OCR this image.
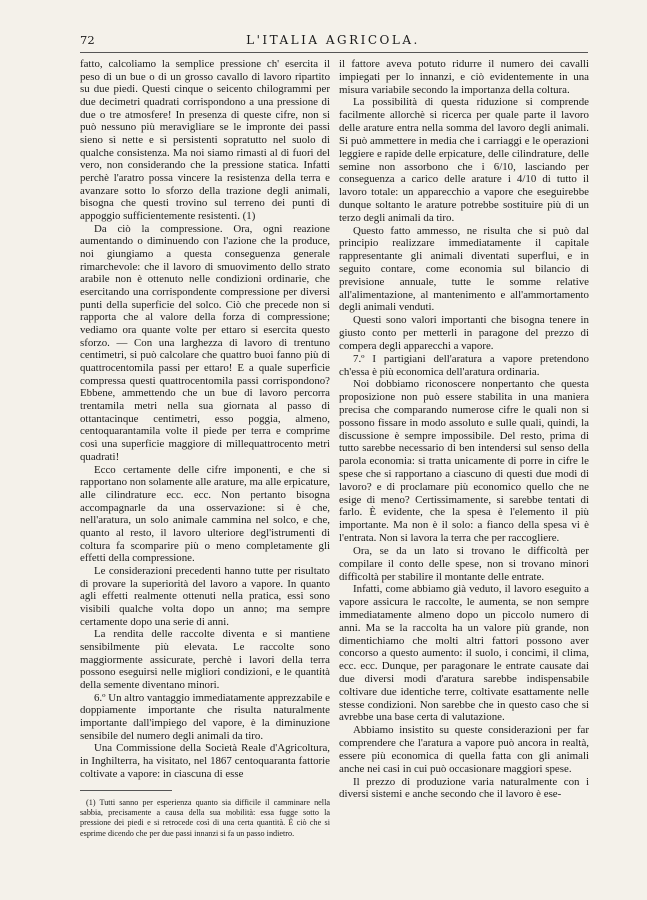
72	L'ITALIA AGRICOLA.

fatto, calcoliamo la semplice pressione ch' esercita il peso di un bue o di un grosso cavallo di lavoro ripartito su due piedi. Questi cinque o seicento chilogrammi per due decimetri quadrati corrispondono a una pressione di due o tre atmosfere! In presenza di queste cifre, non si può nessuno più meravigliare se le impronte dei passi sieno sì nette e sì persistenti sopratutto nel suolo di qualche consistenza. Ma noi siamo rimasti al di fuori del vero, non considerando che la pressione statica. Infatti perchè l'aratro possa vincere la resistenza della terra e avanzare sotto lo sforzo della trazione degli animali, bisogna che questi trovino sul terreno dei punti di appoggio sufficientemente resistenti. (1)

Da ciò la compressione. Ora, ogni reazione aumentando o diminuendo con l'azione che la produce, noi giungiamo a questa conseguenza generale rimarchevole: che il lavoro di smuovimento dello strato arabile non è ottenuto nelle condizioni ordinarie, che esercitando una corrispondente compressione per diversi punti della superficie del solco. Ciò che precede non si rapporta che al valore della forza di compressione; vediamo ora quante volte per ettaro si esercita questo sforzo. — Con una larghezza di lavoro di trentuno centimetri, si può calcolare che quattro buoi fanno più di quattrocentomila passi per ettaro! E a quale superficie compressa questi quattrocentomila passi corrispondono? Ebbene, ammettendo che un bue di lavoro percorra trentamila metri nella sua giornata al passo di ottantacinque centimetri, esso poggia, almeno, centoquarantamila volte il piede per terra e comprime così una superficie maggiore di millequattrocento metri quadrati!

Ecco certamente delle cifre imponenti, e che si rapportano non solamente alle arature, ma alle erpicature, alle cilindrature ecc. ecc. Non pertanto bisogna accompagnarle da una osservazione: si è che, nell'aratura, un solo animale cammina nel solco, e che, quanto al resto, il lavoro ulteriore degl'istrumenti di coltura fa scomparire più o meno completamente gli effetti della compressione.

Le considerazioni precedenti hanno tutte per risultato di provare la superiorità del lavoro a vapore. In quanto agli effetti realmente ottenuti nella pratica, essi sono visibili qualche volta dopo un anno; ma sempre certamente dopo una serie di anni.

La rendita delle raccolte diventa e si mantiene sensibilmente più elevata. Le raccolte sono maggiormente assicurate, perchè i lavori della terra possono eseguirsi nelle migliori condizioni, e le quantità della semente diventano minori.

6.º Un altro vantaggio immediatamente apprezzabile e doppiamente importante che risulta naturalmente importante dall'impiego del vapore, è la diminuzione sensibile del numero degli animali da tiro.

Una Commissione della Società Reale d'Agricoltura, in Inghilterra, ha visitato, nel 1867 centoquaranta fattorie coltivate a vapore: in ciascuna di esse

il fattore aveva potuto ridurre il numero dei cavalli impiegati per lo innanzi, e ciò evidentemente in una misura variabile secondo la importanza della coltura.

La possibilità di questa riduzione si comprende facilmente allorchè si ricerca per quale parte il lavoro delle arature entra nella somma del lavoro degli animali. Si può ammettere in media che i carriaggi e le operazioni leggiere e rapide delle erpicature, delle cilindrature, delle semine non assorbono che i 6/10, lasciando per conseguenza a carico delle arature i 4/10 di tutto il lavoro totale: un apparecchio a vapore che eseguirebbe dunque soltanto le arature potrebbe sostituire più di un terzo degli animali da tiro.

Questo fatto ammesso, ne risulta che si può dal principio realizzare immediatamente il capitale rappresentante gli animali diventati superflui, e in seguito contare, come economia sul bilancio di previsione annuale, tutte le somme relative all'alimentazione, al mantenimento e all'ammortamento degli animali venduti.

Questi sono valori importanti che bisogna tenere in giusto conto per metterli in paragone del prezzo di compera degli apparecchi a vapore.

7.º I partigiani dell'aratura a vapore pretendono ch'essa è più economica dell'aratura ordinaria.

Noi dobbiamo riconoscere nonpertanto che questa proposizione non può essere stabilita in una maniera precisa che comparando numerose cifre le quali non si possono fissare in modo assoluto e sulle quali, quindi, la discussione è sempre impossibile. Del resto, prima di tutto sarebbe necessario di ben intendersi sul senso della parola economia: si tratta unicamente di porre in cifre le spese che si rapportano a ciascuno di questi due modi di lavoro? e di proclamare più economico quello che ne esige di meno? Certissimamente, si sarebbe tentati di farlo. È evidente, che la spesa è l'elemento il più importante. Ma non è il solo: a fianco della spesa vi è l'entrata. Non si lavora la terra che per raccogliere.

Ora, se da un lato si trovano le difficoltà per compilare il conto delle spese, non si trovano minori difficoltà per stabilire il montante delle entrate.

Infatti, come abbiamo già veduto, il lavoro eseguito a vapore assicura le raccolte, le aumenta, se non sempre immediatamente almeno dopo un piccolo numero di anni. Ma se la raccolta ha un valore più grande, non dimentichiamo che molti altri fattori possono aver concorso a questo aumento: il suolo, i concimi, il clima, ecc. ecc. Dunque, per paragonare le entrate causate dai due diversi modi d'aratura sarebbe indispensabile coltivare due identiche terre, coltivate esattamente nelle stesse condizioni. Non sarebbe che in questo caso che si avrebbe una base certa di valutazione.

Abbiamo insistito su queste considerazioni per far comprendere che l'aratura a vapore può ancora in realtà, essere più economica di quella fatta con gli animali anche nei casi in cui può occasionare maggiori spese.

Il prezzo di produzione varia naturalmente con i diversi sistemi e anche secondo che il lavoro è ese-

(1) Tutti sanno per esperienza quanto sia difficile il camminare nella sabbia, precisamente a causa della sua mobilità: essa fugge sotto la pressione dei piedi e si retrocede così di una certa quantità. È ciò che si esprime dicendo che per due passi innanzi si fa un passo indietro.
